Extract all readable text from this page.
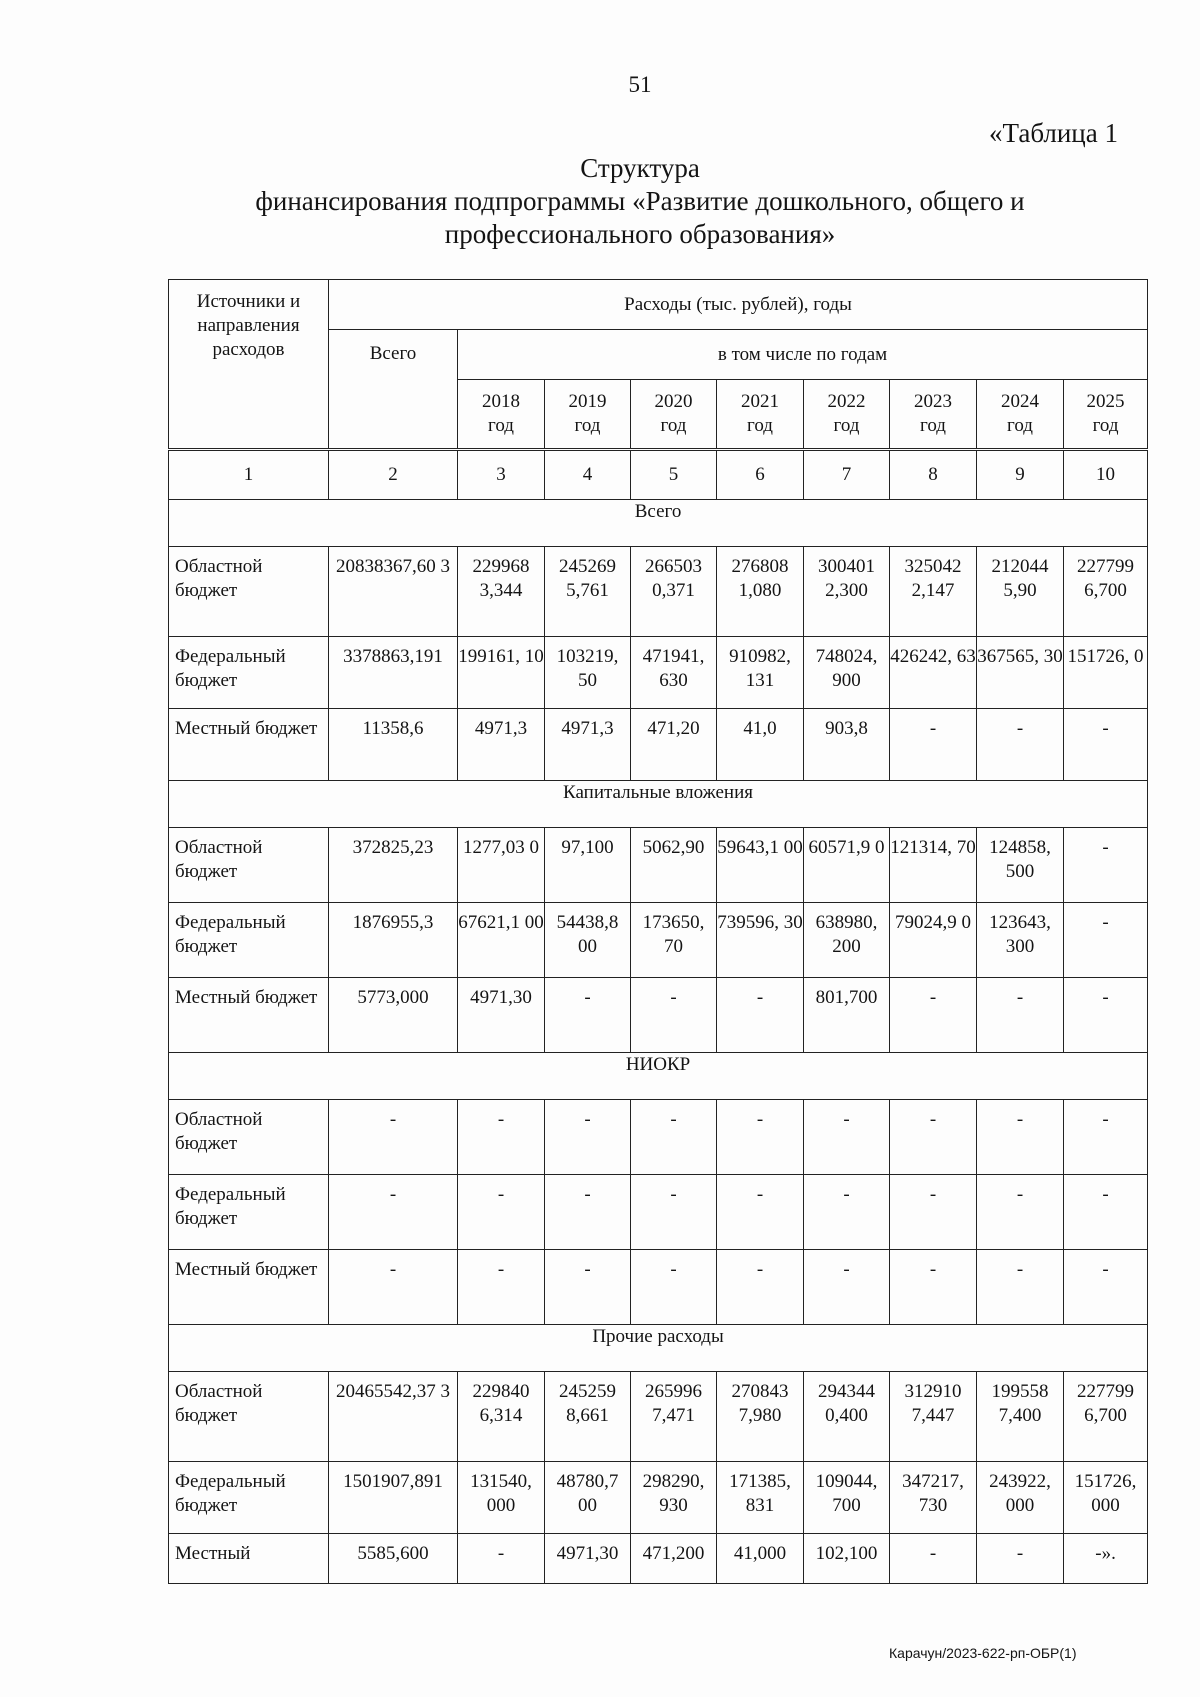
51
«Таблица 1
Структура
финансирования подпрограммы «Развитие дошкольного, общего и
профессионального образования»
Источники и направления расходов	Расходы (тыс. рублей), годы								
	Всего	в том числе по годам							
		2018 год	2019 год	2020 год	2021 год	2022 год	2023 год	2024 год	2025 год
1	2	3	4	5	6	7	8	9	10
Всего									
Областной бюджет	20838367,60 3	229968 3,344	245269 5,761	266503 0,371	276808 1,080	300401 2,300	325042 2,147	212044 5,90	227799 6,700
Федеральный бюджет	3378863,191	199161, 10	103219, 50	471941, 630	910982, 131	748024, 900	426242, 63	367565, 30	151726, 0
Местный бюджет	11358,6	4971,3	4971,3	471,20	41,0	903,8	-	-	-
Капитальные вложения									
Областной бюджет	372825,23	1277,03 0	97,100	5062,90	59643,1 00	60571,9 0	121314, 70	124858, 500	-
Федеральный бюджет	1876955,3	67621,1 00	54438,8 00	173650, 70	739596, 30	638980, 200	79024,9 0	123643, 300	-
Местный бюджет	5773,000	4971,30	-	-	-	801,700	-	-	-
НИОКР									
Областной бюджет	-	-	-	-	-	-	-	-	-
Федеральный бюджет	-	-	-	-	-	-	-	-	-
Местный бюджет	-	-	-	-	-	-	-	-	-
Прочие расходы									
Областной бюджет	20465542,37 3	229840 6,314	245259 8,661	265996 7,471	270843 7,980	294344 0,400	312910 7,447	199558 7,400	227799 6,700
Федеральный бюджет	1501907,891	131540, 000	48780,7 00	298290, 930	171385, 831	109044, 700	347217, 730	243922, 000	151726, 000
Местный	5585,600	-	4971,30	471,200	41,000	102,100	-	-	-».
Карачун/2023-622-рп-ОБР(1)
